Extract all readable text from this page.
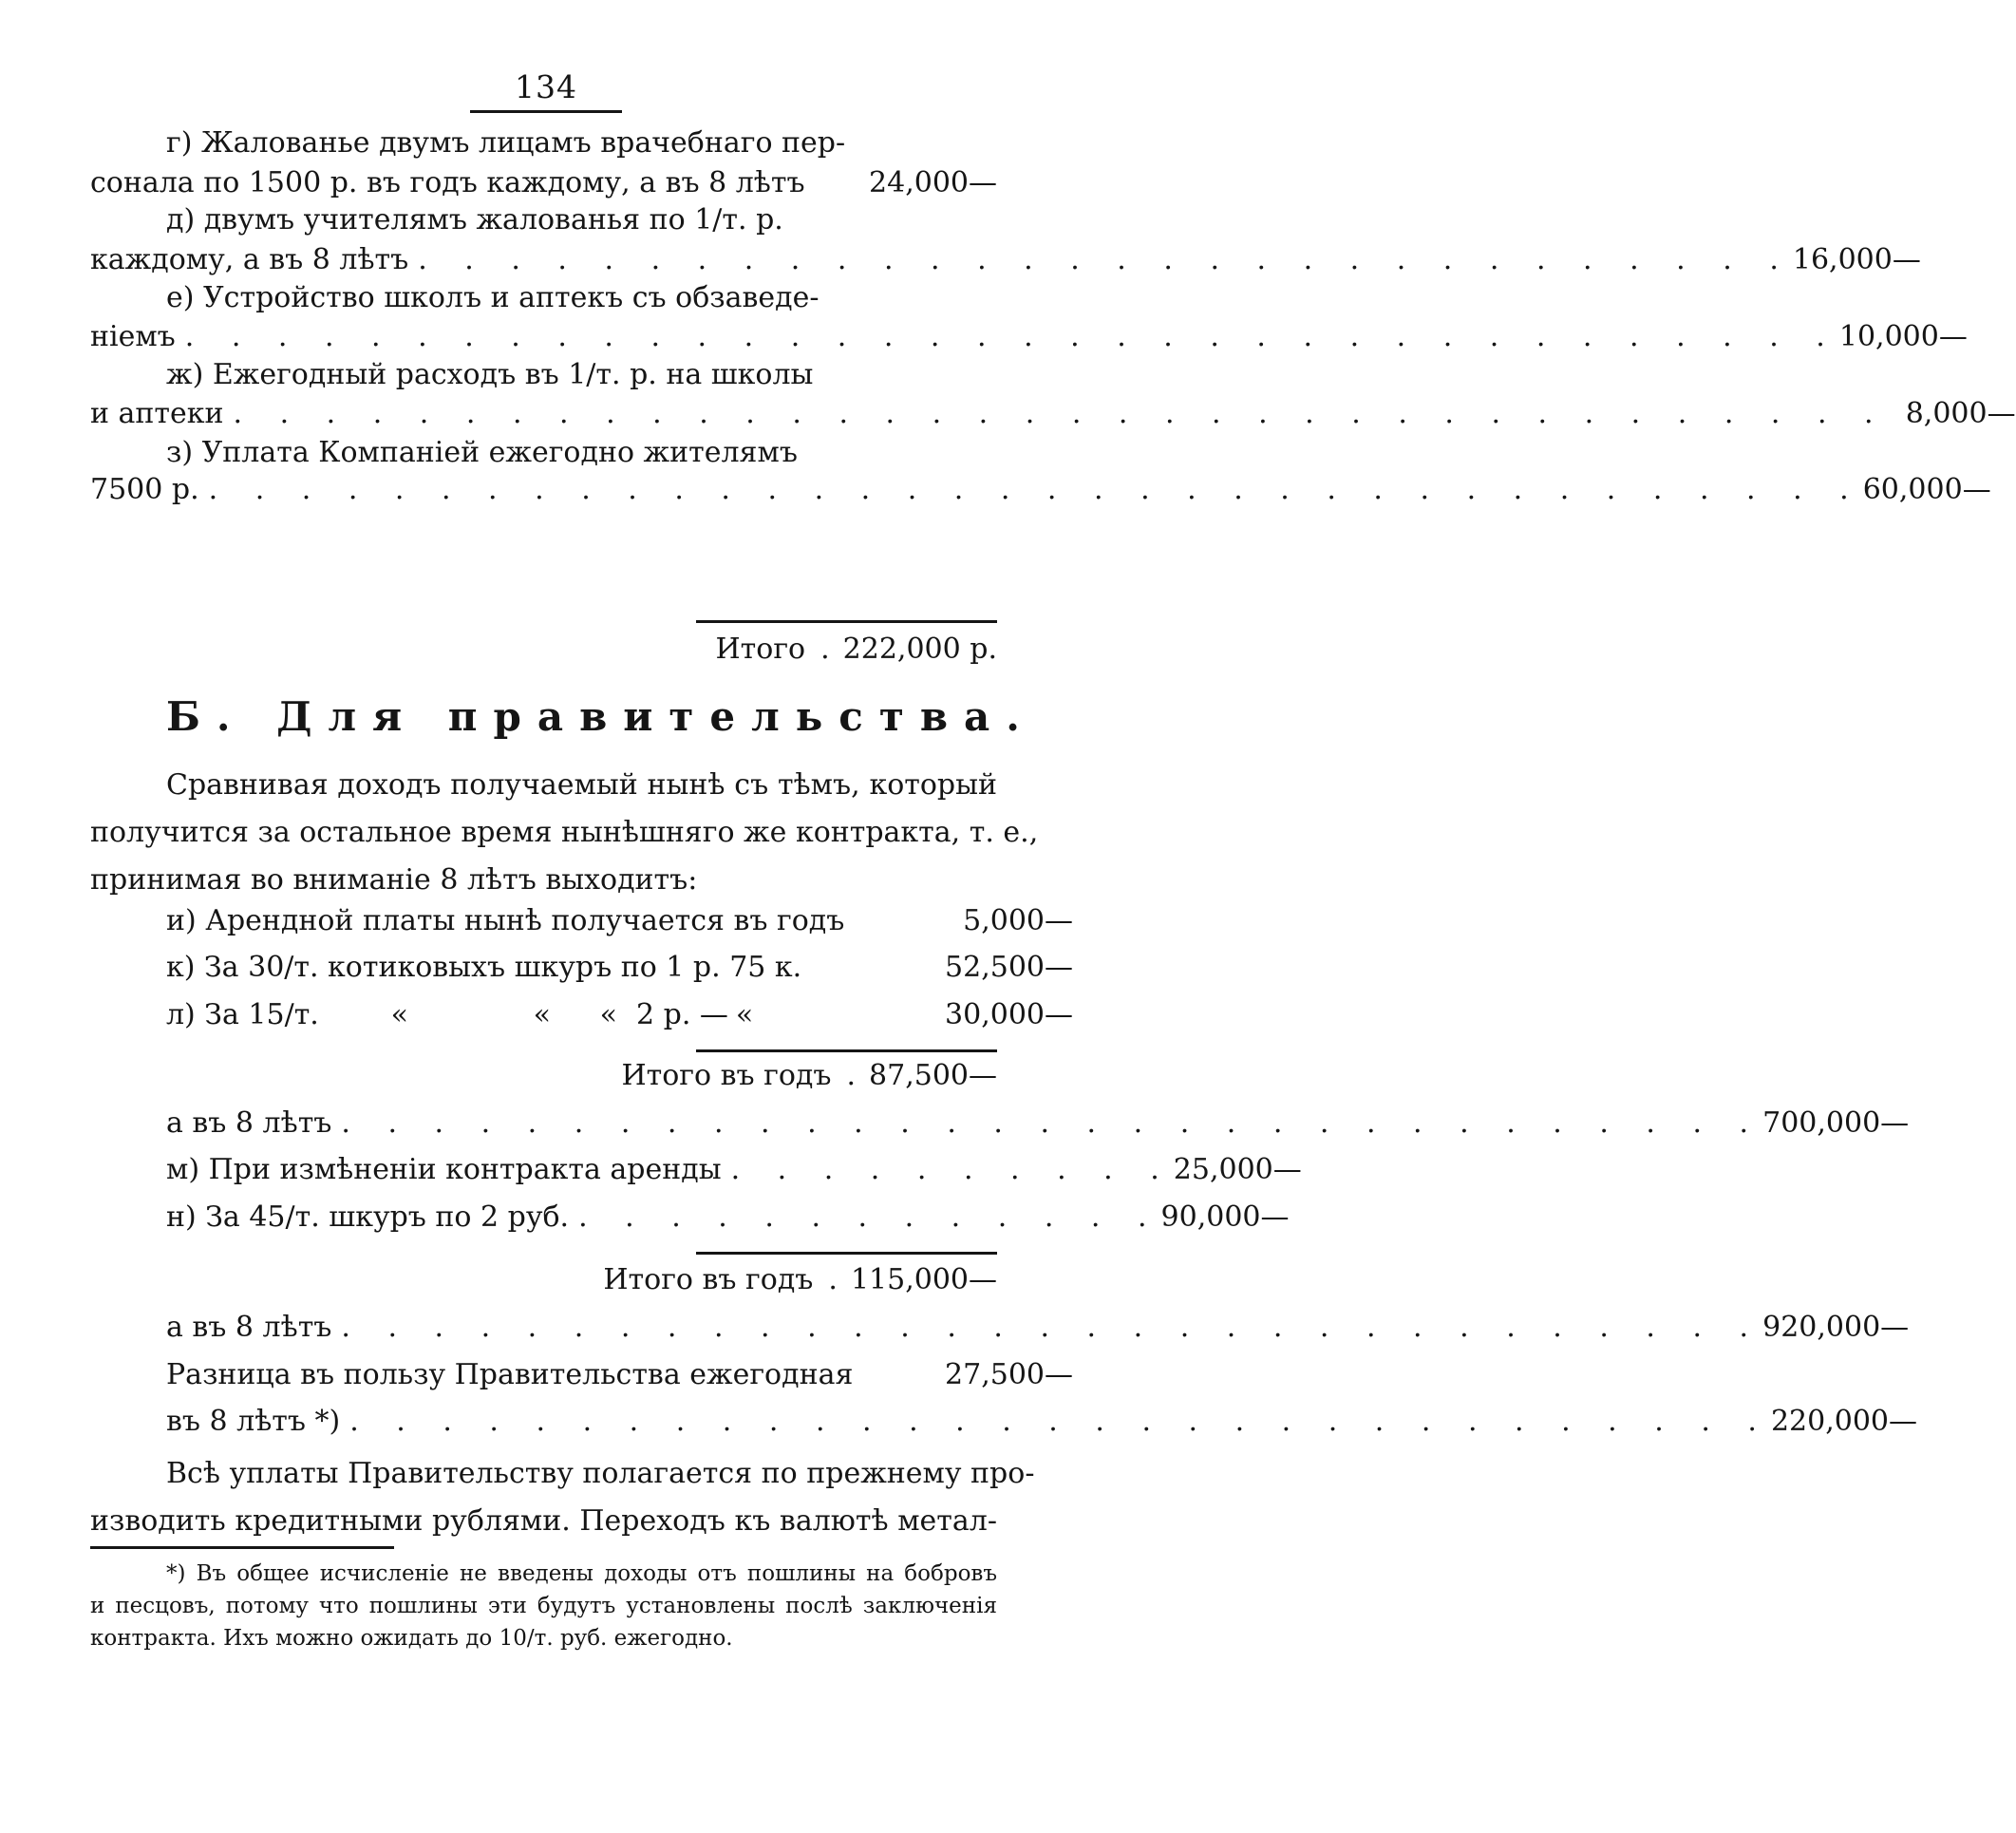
134
г) Жалованье двумъ лицамъ врачебнаго пер-
сонала по 1500 р. въ годъ каждому, а въ 8 лѣтъ 24,000—
д) двумъ учителямъ жалованья по 1/т. р.
каждому, а въ 8 лѣтъ . . . . . . . . . . . . . . . . . . . . . . . . . . . . . . 16,000—
е) Устройство школъ и аптекъ съ обзаведе-
ніемъ . . . . . . . . . . . . . . . . . . . . . . . . . . . . . . . . . . . . 10,000—
ж) Ежегодный расходъ въ 1/т. р. на школы
и аптеки . . . . . . . . . . . . . . . . . . . . . . . . . . . . . . . . . . . . 8,000—
з) Уплата Компаніей ежегодно жителямъ
7500 р. . . . . . . . . . . . . . . . . . . . . . . . . . . . . . . . . . . . . 60,000—
Итого . 222,000 р.
Б. Для правительства.
Сравнивая доходъ получаемый нынѣ съ тѣмъ, который
получится за остальное время нынѣшняго же контракта, т. е.,
принимая во вниманіе 8 лѣтъ выходитъ:
и) Арендной платы нынѣ получается въ годъ	5,000—
к) За 30/т. котиковыхъ шкуръ по 1 р. 75 к.	52,500—
л) За 15/т.	«	«	« 2 р. — «	30,000—
Итого въ годъ . 87,500—
а въ 8 лѣтъ . . . . . . . . . . . . . . . . . . . . . . . . . . . . . . . 700,000—
м) При измѣненіи контракта аренды . . . . . . . . . . 25,000—
н) За 45/т. шкуръ по 2 руб. . . . . . . . . . . . . . 90,000—
Итого въ годъ . 115,000—
а въ 8 лѣтъ . . . . . . . . . . . . . . . . . . . . . . . . . . . . . . . 920,000—
Разница въ пользу Правительства ежегодная	27,500—
въ 8 лѣтъ *) . . . . . . . . . . . . . . . . . . . . . . . . . . . . . . . 220,000—
Всѣ уплаты Правительству полагается по прежнему про-
изводить кредитными рублями. Переходъ къ валютѣ метал-
*) Въ общее исчисленіе не введены доходы отъ пошлины на бобровъ
и песцовъ, потому что пошлины эти будутъ установлены послѣ заключенія
контракта. Ихъ можно ожидать до 10/т. руб. ежегодно.
